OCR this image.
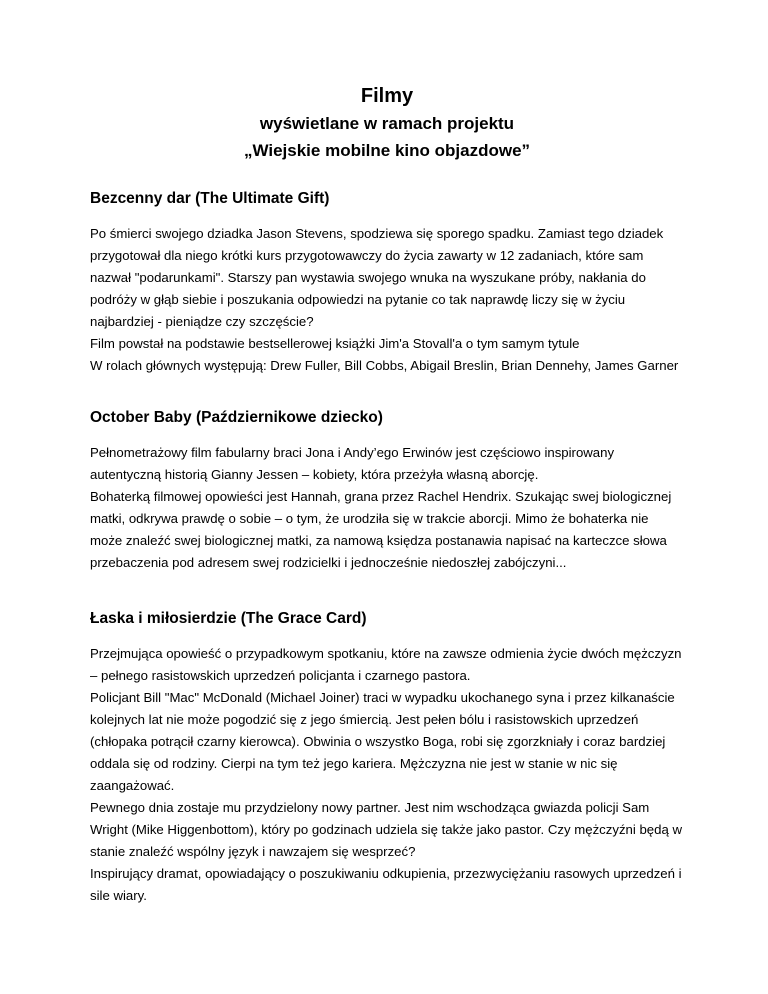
Filmy

wyświetlane w ramach projektu

„Wiejskie mobilne kino objazdowe”

Bezcenny dar (The Ultimate Gift)

Po śmierci swojego dziadka Jason Stevens, spodziewa się sporego spadku. Zamiast tego dziadek przygotował dla niego krótki kurs przygotowawczy do życia zawarty w 12 zadaniach, które sam nazwał "podarunkami". Starszy pan wystawia swojego wnuka na wyszukane próby, nakłania do podróży w głąb siebie i poszukania odpowiedzi na pytanie co tak naprawdę liczy się w życiu najbardziej - pieniądze czy szczęście?

Film powstał na podstawie bestsellerowej książki Jim'a Stovall'a o tym samym tytule

W rolach głównych występują: Drew Fuller, Bill Cobbs, Abigail Breslin, Brian Dennehy, James Garner

October Baby (Październikowe dziecko)

Pełnometrażowy film fabularny braci Jona i Andy’ego Erwinów jest częściowo inspirowany autentyczną historią Gianny Jessen – kobiety, która przeżyła własną aborcję.

Bohaterką filmowej opowieści jest Hannah, grana przez Rachel Hendrix. Szukając swej biologicznej matki, odkrywa prawdę o sobie – o tym, że urodziła się w trakcie aborcji. Mimo że bohaterka nie może znaleźć swej biologicznej matki, za namową księdza postanawia napisać na karteczce słowa przebaczenia pod adresem swej rodzicielki i jednocześnie niedoszłej zabójczyni...

Łaska i miłosierdzie (The Grace Card)

Przejmująca opowieść o przypadkowym spotkaniu, które na zawsze odmienia życie dwóch mężczyzn – pełnego rasistowskich uprzedzeń policjanta i czarnego pastora.

Policjant Bill "Mac" McDonald (Michael Joiner) traci w wypadku ukochanego syna i przez kilkanaście kolejnych lat nie może pogodzić się z jego śmiercią. Jest pełen bólu i rasistowskich uprzedzeń (chłopaka potrącił czarny kierowca). Obwinia o wszystko Boga, robi się zgorzkniały i coraz bardziej oddala się od rodziny. Cierpi na tym też jego kariera. Mężczyzna nie jest w stanie w nic się zaangażować.

Pewnego dnia zostaje mu przydzielony nowy partner. Jest nim wschodząca gwiazda policji Sam Wright (Mike Higgenbottom), który po godzinach udziela się także jako pastor. Czy mężczyźni będą w stanie znaleźć wspólny język i nawzajem się wesprzeć?

Inspirujący dramat, opowiadający o poszukiwaniu odkupienia, przezwyciężaniu rasowych uprzedzeń i sile wiary.
